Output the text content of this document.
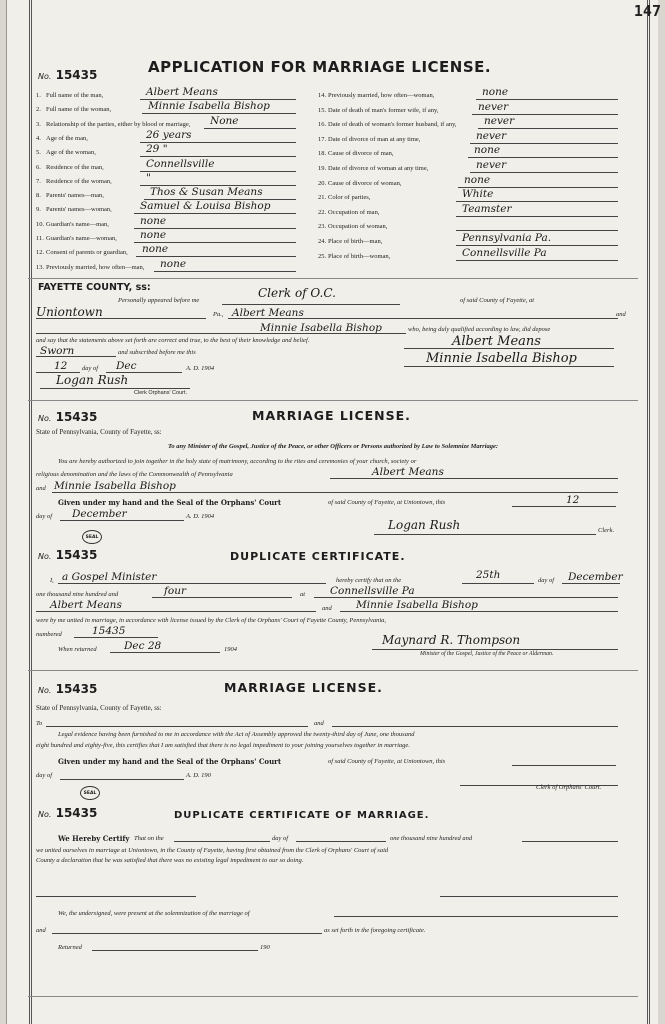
147
No. 15435	APPLICATION FOR MARRIAGE LICENSE.
1. Full name of the man,	Albert Means
2. Full name of the woman,	Minnie Isabella Bishop
3. Relationship of the parties, either by blood or marriage, None
4. Age of the man,	26 years
5. Age of the woman,	29 "
6. Residence of the man,	Connellsville
7. Residence of the woman,	"
8. Parents' names—man,	Thos & Susan Means
9. Parents' names—woman,	Samuel & Louisa Bishop
10. Guardian's name—man,	none
11. Guardian's name—woman, none
12. Consent of parents or guardian, none
13. Previously married, how often—man, none
14. Previously married, how often—woman,	none
15. Date of death of man's former wife, if any,	never
16. Date of death of woman's former husband, if any,	never
17. Date of divorce of man at any time,	never
18. Cause of divorce of man,	none
19. Date of divorce of woman at any time,	never
20. Cause of divorce of woman,	none
21. Color of parties,	White
22. Occupation of man,	Teamster
23. Occupation of woman,
24. Place of birth—man,	Pennsylvania Pa.
25. Place of birth—woman,	Connellsville Pa
FAYETTE COUNTY, ss:
Personally appeared before me
Clerk of O.C.
of said County of Fayette, at
Uniontown	Pa., Albert Means	and
Minnie Isabella Bishop	who, being duly qualified according to law, did depose
and say that the statements above set forth are correct and true, to the best of their knowledge and belief.
Sworn	and subscribed before me this
12 day of Dec	A. D. 1904
Logan Rush
Clerk Orphans' Court.
Albert Means
Minnie Isabella Bishop
No. 15435	MARRIAGE LICENSE.
State of Pennsylvania, County of Fayette, ss:
To any Minister of the Gospel, Justice of the Peace, or other Officers or Persons authorized by Law to Solemnize Marriage:
You are hereby authorized to join together in the holy state of matrimony, according to the rites and ceremonies of your church, society or
religious denomination and the laws of the Commonwealth of Pennsylvania	Albert Means
and Minnie Isabella Bishop
Given under my hand and the Seal of the Orphans' Court	of said County of Fayette, at Uniontown, this	12
day of December	A. D. 1904
Logan Rush	Clerk.
SEAL
No. 15435	DUPLICATE CERTIFICATE.
I, a Gospel Minister	hereby certify that on the	25th	day of December
one thousand nine hundred and	four	at Connellsville Pa
Albert Means	and Minnie Isabella Bishop
were by me united in marriage, in accordance with license issued by the Clerk of the Orphans' Court of Fayette County, Pennsylvania,
numbered	15435
When returned	Dec 28	1904
Maynard R. Thompson
Minister of the Gospel, Justice of the Peace or Alderman.
No. 15435	MARRIAGE LICENSE.
State of Pennsylvania, County of Fayette, ss:
To	and
Legal evidence having been furnished to me in accordance with the Act of Assembly approved the twenty-third day of June, one thousand
eight hundred and eighty-five, this certifies that I am satisfied that there is no legal impediment to your joining yourselves together in marriage.
Given under my hand and the Seal of the Orphans' Court	of said County of Fayette, at Uniontown, this
day of	A. D. 190
Clerk of Orphans' Court.
SEAL
No. 15435	DUPLICATE CERTIFICATE OF MARRIAGE.
We Hereby Certify That on the	day of	one thousand nine hundred and
we united ourselves in marriage at Uniontown, in the County of Fayette, having first obtained from the Clerk of Orphans' Court of said
County a declaration that he was satisfied that there was no existing legal impediment to our so doing.
We, the undersigned, were present at the solemnization of the marriage of
and	as set forth in the foregoing certificate.
Returned	190
